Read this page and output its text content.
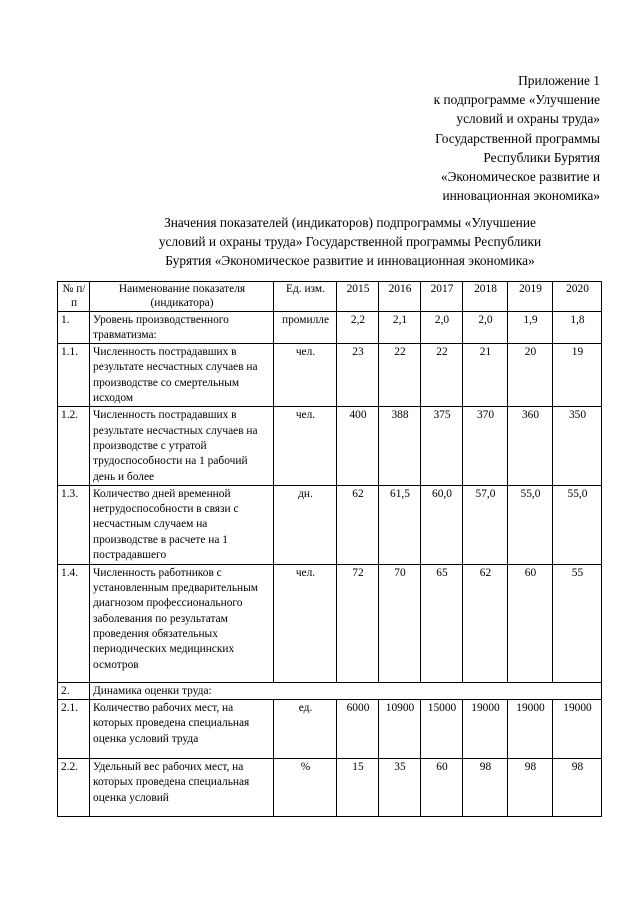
Приложение 1
к подпрограмме «Улучшение
условий и охраны труда»
Государственной программы
Республики Бурятия
«Экономическое развитие и
инновационная экономика»
Значения показателей (индикаторов) подпрограммы «Улучшение
условий и охраны труда» Государственной программы Республики
Бурятия «Экономическое развитие и инновационная экономика»
№ п/п	Наименование показателя (индикатора)	Ед. изм.	2015	2016	2017	2018	2019	2020
1.	Уровень производственного травматизма:	промилле	2,2	2,1	2,0	2,0	1,9	1,8
1.1.	Численность пострадавших в результате несчастных случаев на производстве со смертельным исходом	чел.	23	22	22	21	20	19
1.2.	Численность пострадавших в результате несчастных случаев на производстве с утратой трудоспособности на 1 рабочий день и более	чел.	400	388	375	370	360	350
1.3.	Количество дней временной нетрудоспособности в связи с несчастным случаем на производстве в расчете на 1 пострадавшего	дн.	62	61,5	60,0	57,0	55,0	55,0
1.4.	Численность работников с установленным предварительным диагнозом профессионального заболевания по результатам проведения обязательных периодических медицинских осмотров	чел.	72	70	65	62	60	55
2.	Динамика оценки труда:							
2.1.	Количество рабочих мест, на которых проведена специальная оценка условий труда	ед.	6000	10900	15000	19000	19000	19000
2.2.	Удельный вес рабочих мест, на которых проведена специальная оценка условий	%	15	35	60	98	98	98
